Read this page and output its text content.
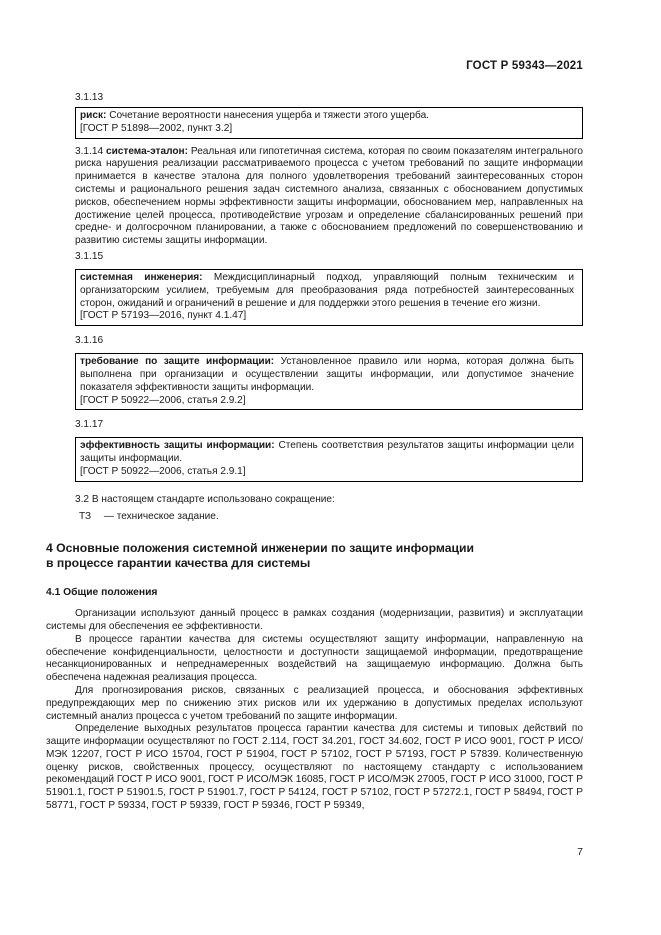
ГОСТ Р 59343—2021
3.1.13
риск: Сочетание вероятности нанесения ущерба и тяжести этого ущерба.
[ГОСТ Р 51898—2002, пункт 3.2]
3.1.14 система-эталон: Реальная или гипотетичная система, которая по своим показателям интегрального риска нарушения реализации рассматриваемого процесса с учетом требований по защите информации принимается в качестве эталона для полного удовлетворения требований заинтересованных сторон системы и рационального решения задач системного анализа, связанных с обоснованием допустимых рисков, обеспечением нормы эффективности защиты информации, обоснованием мер, направленных на достижение целей процесса, противодействие угрозам и определение сбалансированных решений при средне- и долгосрочном планировании, а также с обоснованием предложений по совершенствованию и развитию системы защиты информации.
3.1.15
системная инженерия: Междисциплинарный подход, управляющий полным техническим и организаторским усилием, требуемым для преобразования ряда потребностей заинтересованных сторон, ожиданий и ограничений в решение и для поддержки этого решения в течение его жизни.
[ГОСТ Р 57193—2016, пункт 4.1.47]
3.1.16
требование по защите информации: Установленное правило или норма, которая должна быть выполнена при организации и осуществлении защиты информации, или допустимое значение показателя эффективности защиты информации.
[ГОСТ Р 50922—2006, статья 2.9.2]
3.1.17
эффективность защиты информации: Степень соответствия результатов защиты информации цели защиты информации.
[ГОСТ Р 50922—2006, статья 2.9.1]
3.2 В настоящем стандарте использовано сокращение:
ТЗ — техническое задание.
4 Основные положения системной инженерии по защите информации
в процессе гарантии качества для системы
4.1 Общие положения

Организации используют данный процесс в рамках создания (модернизации, развития) и эксплуатации системы для обеспечения ее эффективности.

В процессе гарантии качества для системы осуществляют защиту информации, направленную на обеспечение конфиденциальности, целостности и доступности защищаемой информации, предотвращение несанкционированных и непреднамеренных воздействий на защищаемую информацию. Должна быть обеспечена надежная реализация процесса.

Для прогнозирования рисков, связанных с реализацией процесса, и обоснования эффективных предупреждающих мер по снижению этих рисков или их удержанию в допустимых пределах используют системный анализ процесса с учетом требований по защите информации.

Определение выходных результатов процесса гарантии качества для системы и типовых действий по защите информации осуществляют по ГОСТ 2.114, ГОСТ 34.201, ГОСТ 34.602, ГОСТ Р ИСО 9001, ГОСТ Р ИСО/МЭК 12207, ГОСТ Р ИСО 15704, ГОСТ Р 51904, ГОСТ Р 57102, ГОСТ Р 57193, ГОСТ Р 57839. Количественную оценку рисков, свойственных процессу, осуществляют по настоящему стандарту с использованием рекомендаций ГОСТ Р ИСО 9001, ГОСТ Р ИСО/МЭК 16085, ГОСТ Р ИСО/МЭК 27005, ГОСТ Р ИСО 31000, ГОСТ Р 51901.1, ГОСТ Р 51901.5, ГОСТ Р 51901.7, ГОСТ Р 54124, ГОСТ Р 57102, ГОСТ Р 57272.1, ГОСТ Р 58494, ГОСТ Р 58771, ГОСТ Р 59334, ГОСТ Р 59339, ГОСТ Р 59346, ГОСТ Р 59349,

7
